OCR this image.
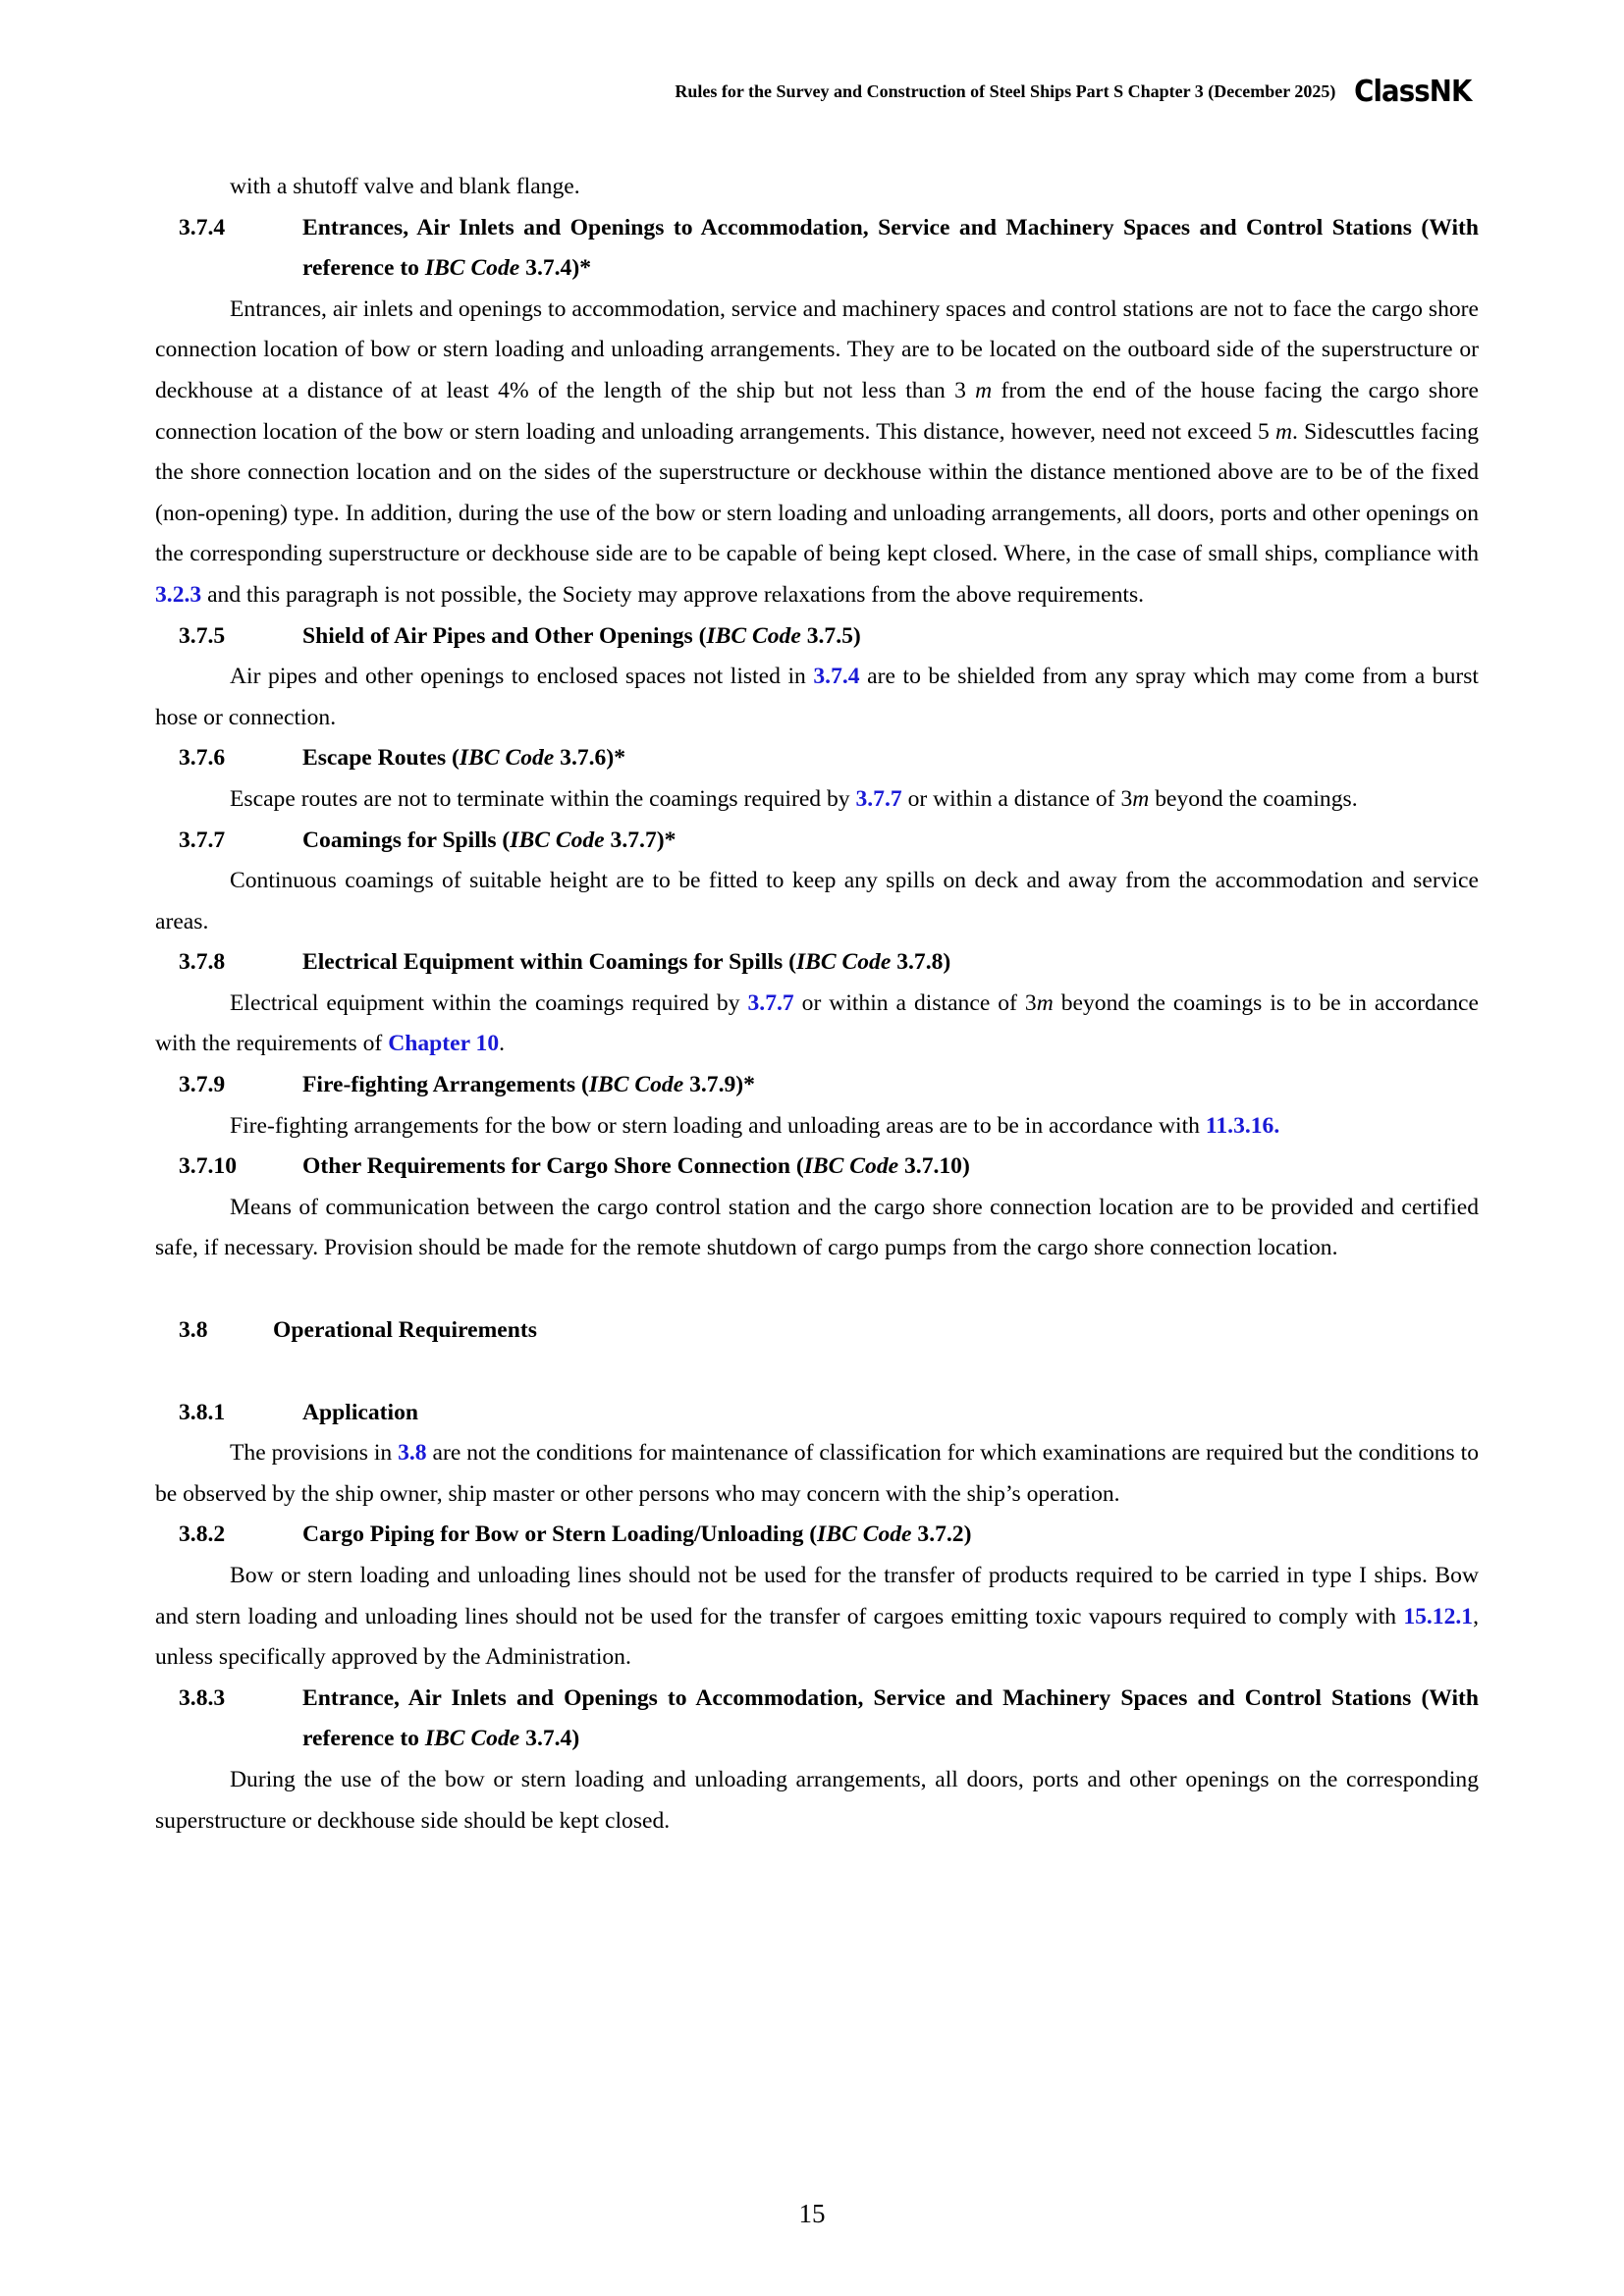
Rules for the Survey and Construction of Steel Ships Part S Chapter 3 (December 2025) ClassNK

with a shutoff valve and blank flange.

3.7.4	Entrances, Air Inlets and Openings to Accommodation, Service and Machinery Spaces and Control Stations (With reference to IBC Code 3.7.4)*

Entrances, air inlets and openings to accommodation, service and machinery spaces and control stations are not to face the cargo shore connection location of bow or stern loading and unloading arrangements. They are to be located on the outboard side of the superstructure or deckhouse at a distance of at least 4% of the length of the ship but not less than 3 m from the end of the house facing the cargo shore connection location of the bow or stern loading and unloading arrangements. This distance, however, need not exceed 5 m. Sidescuttles facing the shore connection location and on the sides of the superstructure or deckhouse within the distance mentioned above are to be of the fixed (non-opening) type. In addition, during the use of the bow or stern loading and unloading arrangements, all doors, ports and other openings on the corresponding superstructure or deckhouse side are to be capable of being kept closed. Where, in the case of small ships, compliance with 3.2.3 and this paragraph is not possible, the Society may approve relaxations from the above requirements.

3.7.5	Shield of Air Pipes and Other Openings (IBC Code 3.7.5)

Air pipes and other openings to enclosed spaces not listed in 3.7.4 are to be shielded from any spray which may come from a burst hose or connection.

3.7.6	Escape Routes (IBC Code 3.7.6)*

Escape routes are not to terminate within the coamings required by 3.7.7 or within a distance of 3m beyond the coamings.

3.7.7	Coamings for Spills (IBC Code 3.7.7)*

Continuous coamings of suitable height are to be fitted to keep any spills on deck and away from the accommodation and service areas.

3.7.8	Electrical Equipment within Coamings for Spills (IBC Code 3.7.8)

Electrical equipment within the coamings required by 3.7.7 or within a distance of 3m beyond the coamings is to be in accordance with the requirements of Chapter 10.

3.7.9	Fire-fighting Arrangements (IBC Code 3.7.9)*

Fire-fighting arrangements for the bow or stern loading and unloading areas are to be in accordance with 11.3.16.

3.7.10	Other Requirements for Cargo Shore Connection (IBC Code 3.7.10)

Means of communication between the cargo control station and the cargo shore connection location are to be provided and certified safe, if necessary. Provision should be made for the remote shutdown of cargo pumps from the cargo shore connection location.

3.8	Operational Requirements
3.8.1	Application

The provisions in 3.8 are not the conditions for maintenance of classification for which examinations are required but the conditions to be observed by the ship owner, ship master or other persons who may concern with the ship’s operation.

3.8.2	Cargo Piping for Bow or Stern Loading/Unloading (IBC Code 3.7.2)

Bow or stern loading and unloading lines should not be used for the transfer of products required to be carried in type I ships. Bow and stern loading and unloading lines should not be used for the transfer of cargoes emitting toxic vapours required to comply with 15.12.1, unless specifically approved by the Administration.

3.8.3	Entrance, Air Inlets and Openings to Accommodation, Service and Machinery Spaces and Control Stations (With reference to IBC Code 3.7.4)

During the use of the bow or stern loading and unloading arrangements, all doors, ports and other openings on the corresponding superstructure or deckhouse side should be kept closed.

15
